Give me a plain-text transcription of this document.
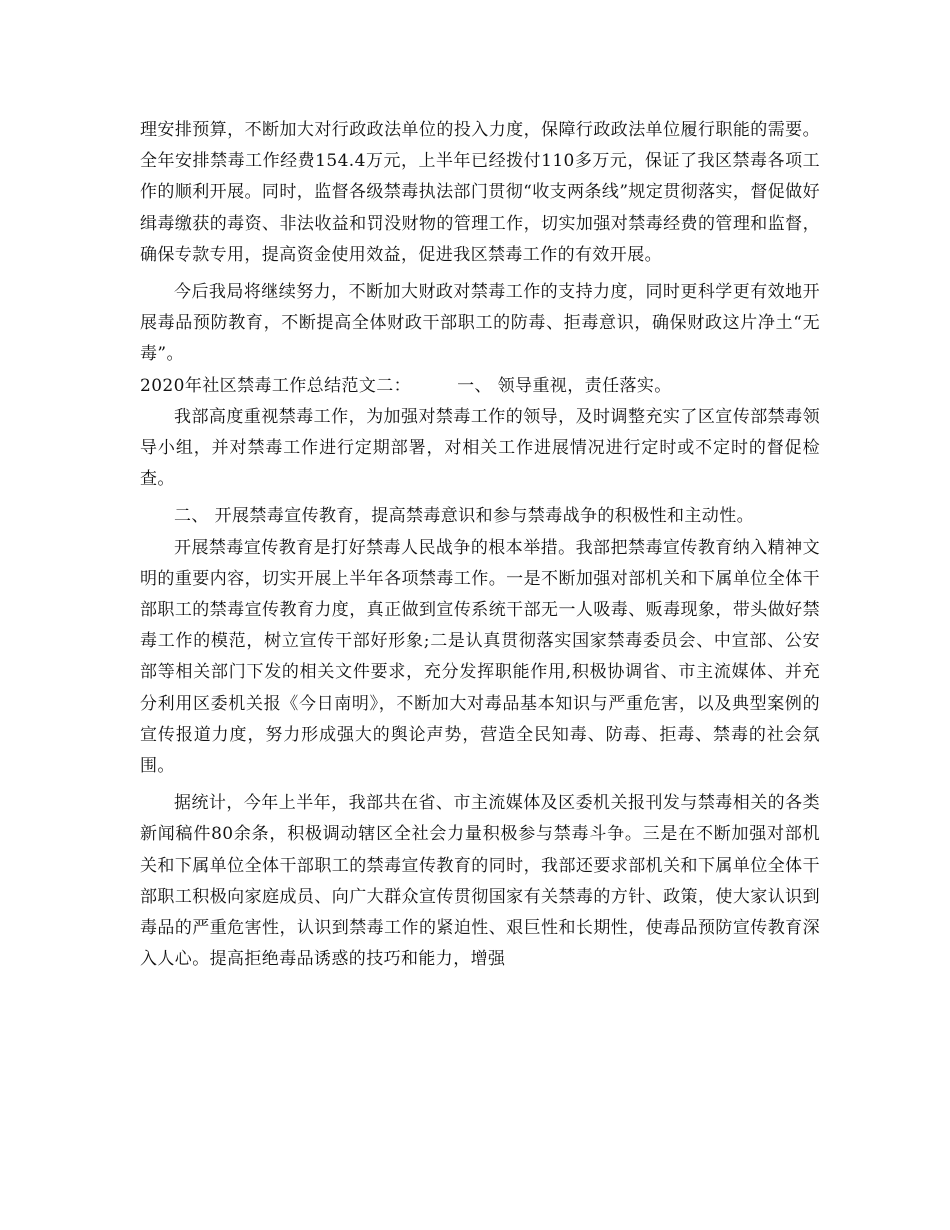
理安排预算，不断加大对行政政法单位的投入力度，保障行政政法单位履行职能的需要。全年安排禁毒工作经费154.4万元，上半年已经拨付110多万元，保证了我区禁毒各项工作的顺利开展。同时，监督各级禁毒执法部门贯彻“收支两条线”规定贯彻落实，督促做好缉毒缴获的毒资、非法收益和罚没财物的管理工作，切实加强对禁毒经费的管理和监督，确保专款专用，提高资金使用效益，促进我区禁毒工作的有效开展。

今后我局将继续努力，不断加大财政对禁毒工作的支持力度，同时更科学更有效地开展毒品预防教育，不断提高全体财政干部职工的防毒、拒毒意识，确保财政这片净土“无毒”。

2020年社区禁毒工作总结范文二：	一、 领导重视，责任落实。

我部高度重视禁毒工作，为加强对禁毒工作的领导，及时调整充实了区宣传部禁毒领导小组，并对禁毒工作进行定期部署，对相关工作进展情况进行定时或不定时的督促检查。

二、 开展禁毒宣传教育，提高禁毒意识和参与禁毒战争的积极性和主动性。

开展禁毒宣传教育是打好禁毒人民战争的根本举措。我部把禁毒宣传教育纳入精神文明的重要内容，切实开展上半年各项禁毒工作。一是不断加强对部机关和下属单位全体干部职工的禁毒宣传教育力度，真正做到宣传系统干部无一人吸毒、贩毒现象，带头做好禁毒工作的模范，树立宣传干部好形象;二是认真贯彻落实国家禁毒委员会、中宣部、公安部等相关部门下发的相关文件要求，充分发挥职能作用,积极协调省、市主流媒体、并充分利用区委机关报《今日南明》，不断加大对毒品基本知识与严重危害，以及典型案例的宣传报道力度，努力形成强大的舆论声势，营造全民知毒、防毒、拒毒、禁毒的社会氛围。

据统计，今年上半年，我部共在省、市主流媒体及区委机关报刊发与禁毒相关的各类新闻稿件80余条，积极调动辖区全社会力量积极参与禁毒斗争。三是在不断加强对部机关和下属单位全体干部职工的禁毒宣传教育的同时，我部还要求部机关和下属单位全体干部职工积极向家庭成员、向广大群众宣传贯彻国家有关禁毒的方针、政策，使大家认识到毒品的严重危害性，认识到禁毒工作的紧迫性、艰巨性和长期性，使毒品预防宣传教育深入人心。提高拒绝毒品诱惑的技巧和能力，增强
